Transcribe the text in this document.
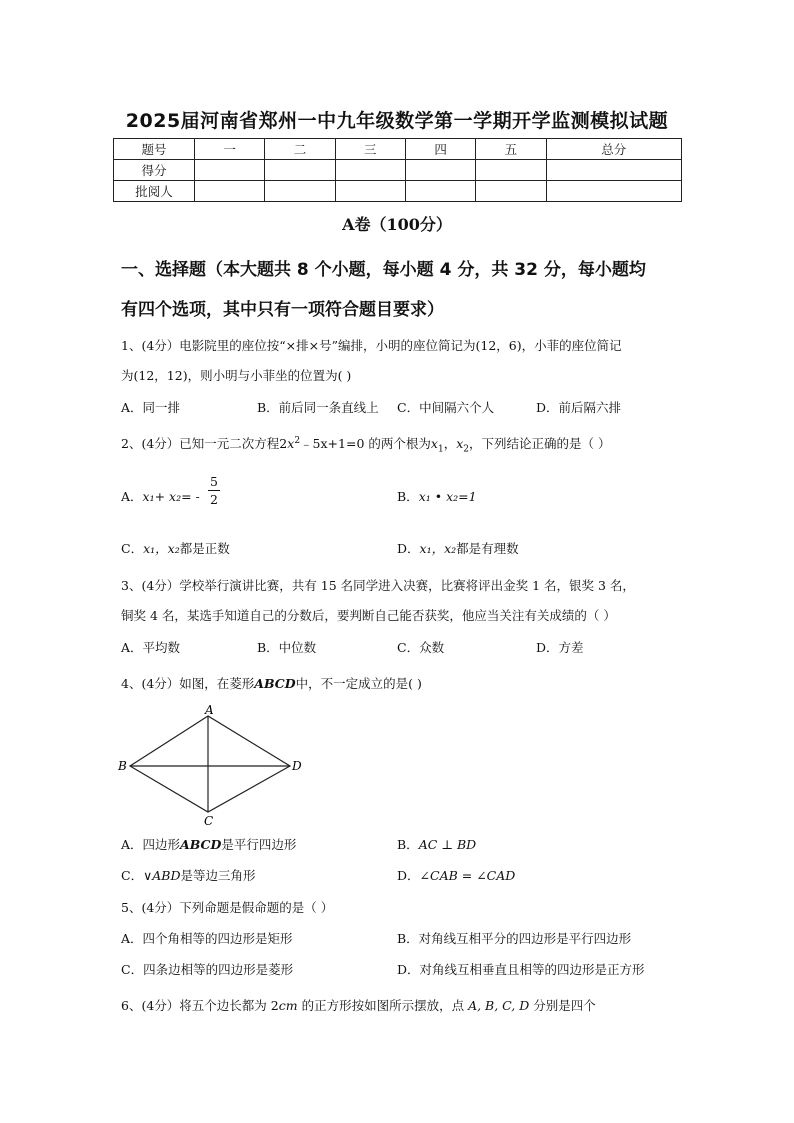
2025届河南省郑州一中九年级数学第一学期开学监测模拟试题
题号	一	二	三	四	五	总分
得分						
批阅人						
A卷（100分）
一、选择题（本大题共 8 个小题，每小题 4 分，共 32 分，每小题均
有四个选项，其中只有一项符合题目要求）
1、(4分）电影院里的座位按“×排×号”编排，小明的座位简记为(12，6)，小菲的座位简记
为(12，12)，则小明与小菲坐的位置为( )
A．同一排	B．前后同一条直线上 C．中间隔六个人	D．前后隔六排
2、(4分）已知一元二次方程$2x^2﹣5x+1=0$ 的两个根为$x_1$，$x_2$，下列结论正确的是（ ）
A．x₁+ x₂= -
5
2	B．x₁ • x₂=1
C．x₁，x₂都是正数	D．x₁，x₂都是有理数
3、(4分）学校举行演讲比赛，共有 15 名同学进入决赛，比赛将评出金奖 1 名，银奖 3 名，
铜奖 4 名，某选手知道自己的分数后，要判断自己能否获奖，他应当关注有关成绩的（ ）
A．平均数	B．中位数	C．众数	D．方差
4、(4分）如图，在菱形ABCD中，不一定成立的是( )
A
B
C
D
A．四边形ABCD是平行四边形	B．AC ⊥ BD
C．∨ABD是等边三角形	D．∠CAB = ∠CAD
5、(4分）下列命题是假命题的是（ ）
A．四个角相等的四边形是矩形	B．对角线互相平分的四边形是平行四边形
C．四条边相等的四边形是菱形	D．对角线互相垂直且相等的四边形是正方形
6、(4分）将五个边长都为 2cm 的正方形按如图所示摆放，点 A, B, C, D 分别是四个
